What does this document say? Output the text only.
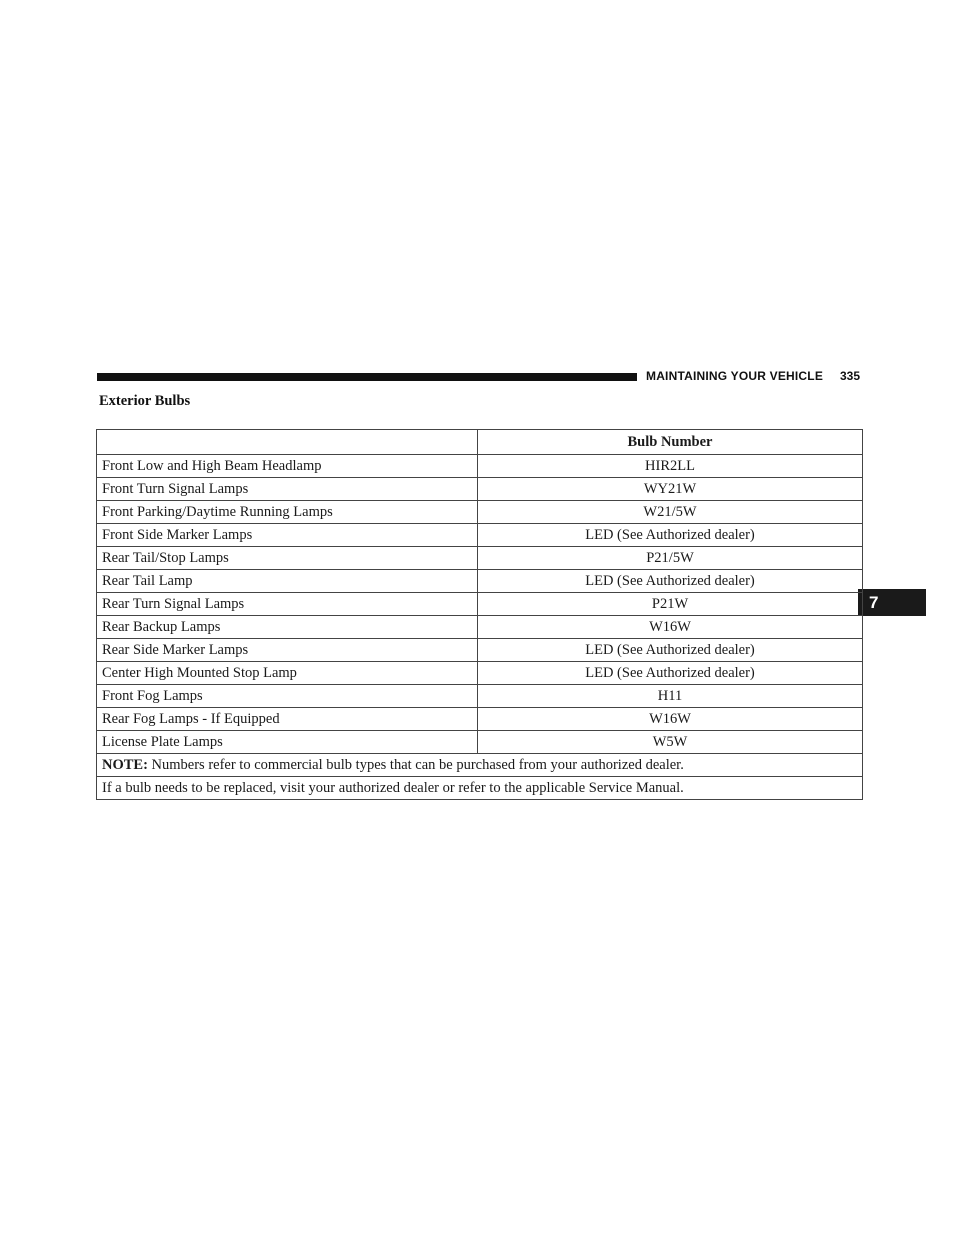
MAINTAINING YOUR VEHICLE 335
7
Exterior Bulbs
	Bulb Number
Front Low and High Beam Headlamp	HIR2LL
Front Turn Signal Lamps	WY21W
Front Parking/Daytime Running Lamps	W21/5W
Front Side Marker Lamps	LED (See Authorized dealer)
Rear Tail/Stop Lamps	P21/5W
Rear Tail Lamp	LED (See Authorized dealer)
Rear Turn Signal Lamps	P21W
Rear Backup Lamps	W16W
Rear Side Marker Lamps	LED (See Authorized dealer)
Center High Mounted Stop Lamp	LED (See Authorized dealer)
Front Fog Lamps	H11
Rear Fog Lamps - If Equipped	W16W
License Plate Lamps	W5W
NOTE: Numbers refer to commercial bulb types that can be purchased from your authorized dealer.	
If a bulb needs to be replaced, visit your authorized dealer or refer to the applicable Service Manual.	
